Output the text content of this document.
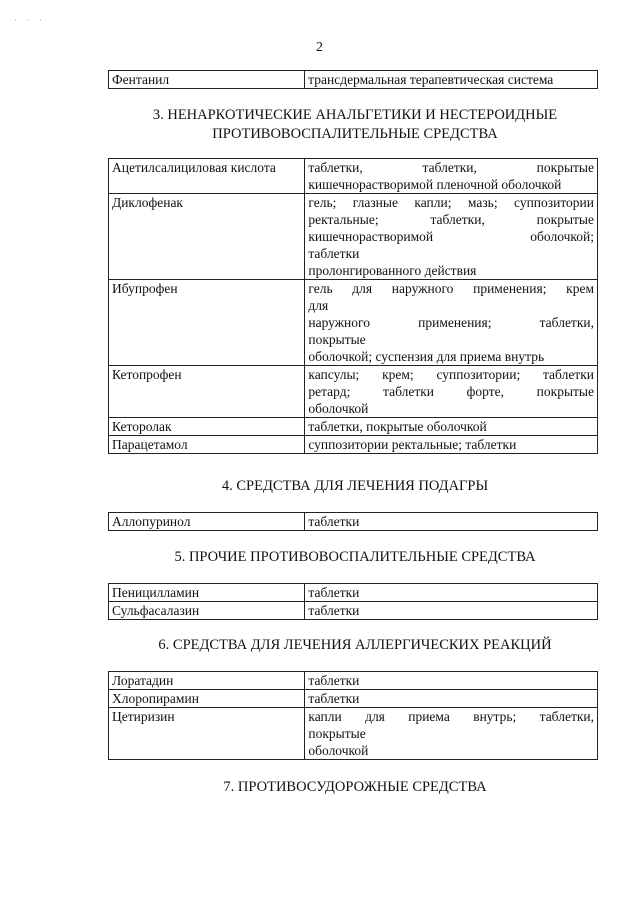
· · ·
2
Фентанил	трансдермальная терапевтическая система
3. НЕНАРКОТИЧЕСКИЕ АНАЛЬГЕТИКИ И НЕСТЕРОИДНЫЕ
ПРОТИВОВОСПАЛИТЕЛЬНЫЕ СРЕДСТВА
Ацетилсалициловая кислота	таблетки, таблетки, покрытые
кишечнорастворимой пленочной оболочкой

Диклофенак	гель; глазные капли; мазь; суппозитории
ректальные; таблетки, покрытые
кишечнорастворимой оболочкой;
таблетки
пролонгированного действия

Ибупрофен	гель для наружного применения; крем
для
наружного применения; таблетки,
покрытые
оболочкой; суспензия для приема внутрь

Кетопрофен	капсулы; крем; суппозитории; таблетки
ретард; таблетки форте, покрытые
оболочкой

Кеторолак	таблетки, покрытые оболочкой

Парацетамол	суппозитории ректальные; таблетки
4. СРЕДСТВА ДЛЯ ЛЕЧЕНИЯ ПОДАГРЫ
Аллопуринол	таблетки
5. ПРОЧИЕ ПРОТИВОВОСПАЛИТЕЛЬНЫЕ СРЕДСТВА
Пеницилламин	таблетки

Сульфасалазин	таблетки
6. СРЕДСТВА ДЛЯ ЛЕЧЕНИЯ АЛЛЕРГИЧЕСКИХ РЕАКЦИЙ
Лоратадин	таблетки

Хлоропирамин	таблетки

Цетиризин	капли для приема внутрь; таблетки,
покрытые
оболочкой
7. ПРОТИВОСУДОРОЖНЫЕ СРЕДСТВА
